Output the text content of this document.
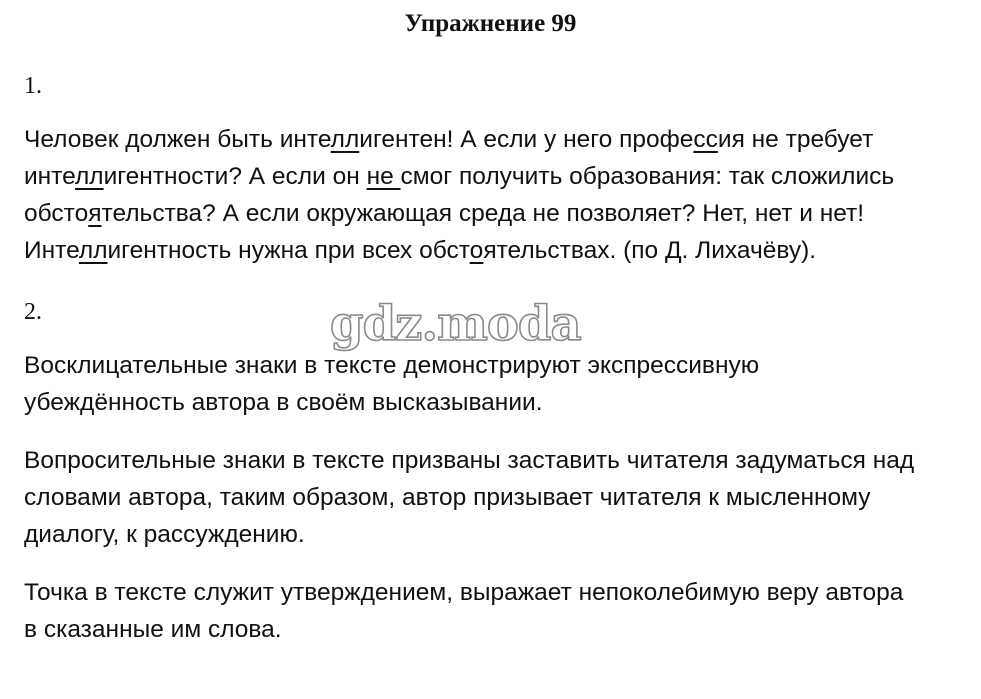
Упражнение 99
1.
Человек должен быть интеллигентен! А если у него профессия не требует
интеллигентности? А если он не смог получить образования: так сложились
обстоятельства? А если окружающая среда не позволяет? Нет, нет и нет!
Интеллигентность нужна при всех обстоятельствах. (по Д. Лихачёву).
2.
Восклицательные знаки в тексте демонстрируют экспрессивную
убеждённость автора в своём высказывании.
Вопросительные знаки в тексте призваны заставить читателя задуматься над
словами автора, таким образом, автор призывает читателя к мысленному
диалогу, к рассуждению.
Точка в тексте служит утверждением, выражает непоколебимую веру автора
в сказанные им слова.
gdz.moda
